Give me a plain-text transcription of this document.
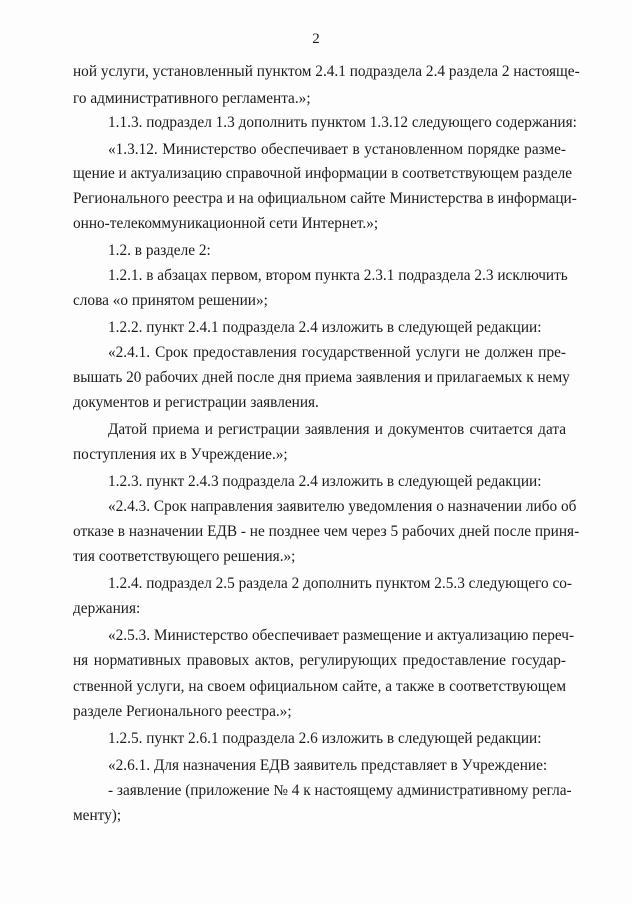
2
ной услуги, установленный пунктом 2.4.1 подраздела 2.4 раздела 2 настояще-
го административного регламента.»;
1.1.3. подраздел 1.3 дополнить пунктом 1.3.12 следующего содержания:
«1.3.12. Министерство обеспечивает в установленном порядке разме-
щение и актуализацию справочной информации в соответствующем разделе
Регионального реестра и на официальном сайте Министерства в информаци-
онно-телекоммуникационной сети Интернет.»;
1.2. в разделе 2:
1.2.1. в абзацах первом, втором пункта 2.3.1 подраздела 2.3 исключить
слова «о принятом решении»;
1.2.2. пункт 2.4.1 подраздела 2.4 изложить в следующей редакции:
«2.4.1. Срок предоставления государственной услуги не должен пре-
вышать 20 рабочих дней после дня приема заявления и прилагаемых к нему
документов и регистрации заявления.
Датой приема и регистрации заявления и документов считается дата
поступления их в Учреждение.»;
1.2.3. пункт 2.4.3 подраздела 2.4 изложить в следующей редакции:
«2.4.3. Срок направления заявителю уведомления о назначении либо об
отказе в назначении ЕДВ - не позднее чем через 5 рабочих дней после приня-
тия соответствующего решения.»;
1.2.4. подраздел 2.5 раздела 2 дополнить пунктом 2.5.3 следующего со-
держания:
«2.5.3. Министерство обеспечивает размещение и актуализацию переч-
ня нормативных правовых актов, регулирующих предоставление государ-
ственной услуги, на своем официальном сайте, а также в соответствующем
разделе Регионального реестра.»;
1.2.5. пункт 2.6.1 подраздела 2.6 изложить в следующей редакции:
«2.6.1. Для назначения ЕДВ заявитель представляет в Учреждение:
- заявление (приложение № 4 к настоящему административному регла-
менту);
